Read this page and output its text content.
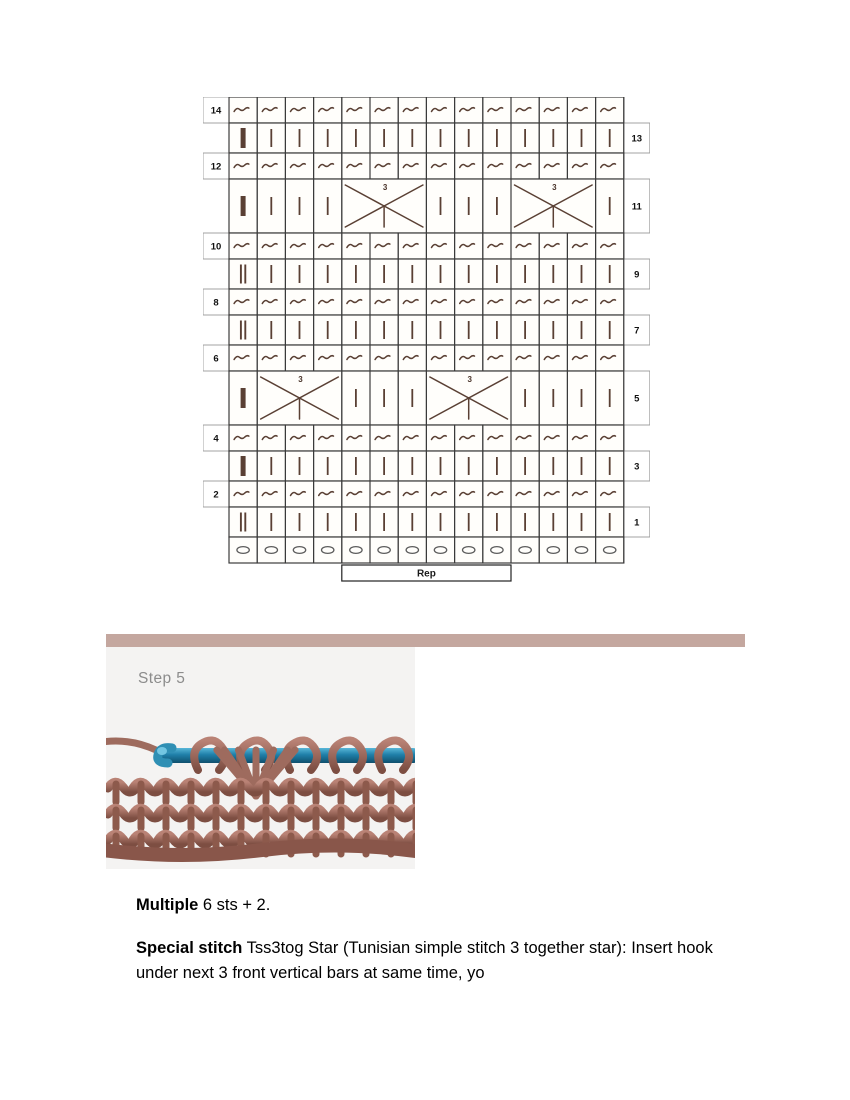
14
13
12
11
3	3
10
9
8
7
6
5
3	3
4
3
2
1
Rep
Step 5

Multiple 6 sts + 2.

Special stitch Tss3tog Star (Tunisian simple stitch 3 together star): Insert hook under next 3 front vertical bars at same time, yo
